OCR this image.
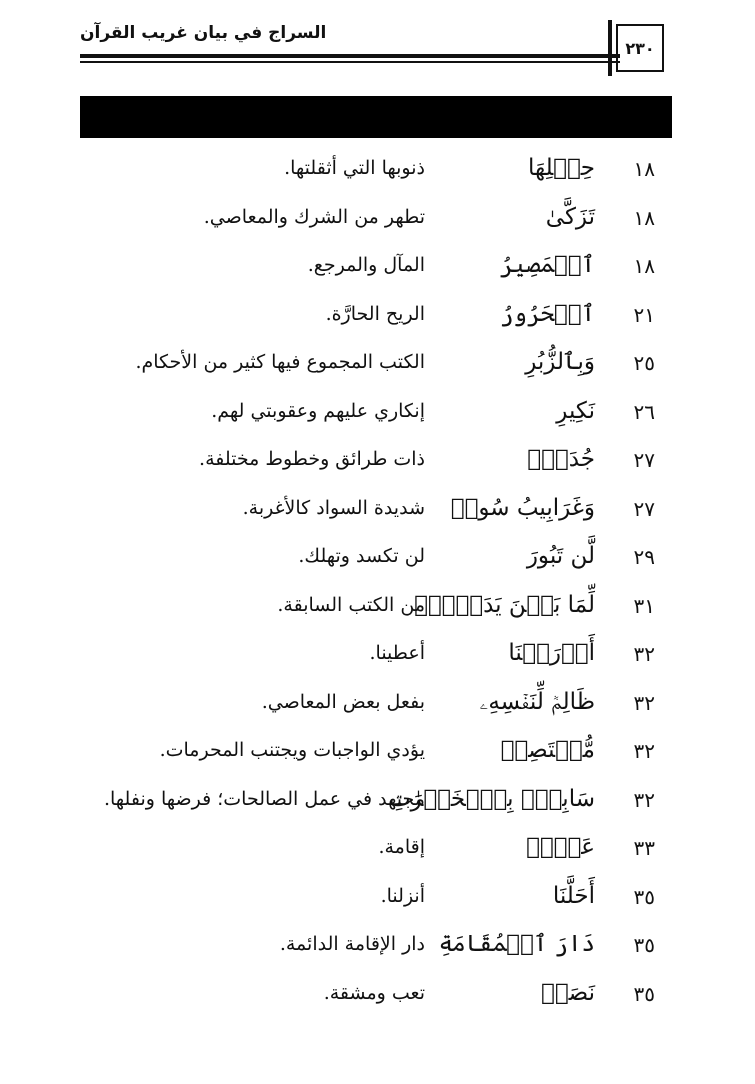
السراج في بيان غريب القرآن
٢٣٠
١٨
حِمۡلِهَا
ذنوبها التي أثقلتها.
١٨
تَزَكَّىٰ
تطهر من الشرك والمعاصي.
١٨
ٱلۡمَصِيرُ
المآل والمرجع.
٢١
ٱلۡحَرُورُ
الريح الحارَّة.
٢٥
وَبِٱلزُّبُرِ
الكتب المجموع فيها كثير من الأحكام.
٢٦
نَكِيرِ
إنكاري عليهم وعقوبتي لهم.
٢٧
جُدَدُۢ
ذات طرائق وخطوط مختلفة.
٢٧
وَغَرَابِيبُ سُودٞ
شديدة السواد كالأغربة.
٢٩
لَّن تَبُورَ
لن تكسد وتهلك.
٣١
لِّمَا بَيۡنَ يَدَيۡهِۗ
من الكتب السابقة.
٣٢
أَوۡرَثۡنَا
أعطينا.
٣٢
ظَالِمٞ لِّنَفۡسِهِۦ
بفعل بعض المعاصي.
٣٢
مُّقۡتَصِدٞ
يؤدي الواجبات ويجتنب المحرمات.
٣٢
سَابِقُۢ بِٱلۡخَيۡرَٰتِ
مجتهد في عمل الصالحات؛ فرضها ونفلها.
٣٣
عَدۡنٖ
إقامة.
٣٥
أَحَلَّنَا
أنزلنا.
٣٥
دَارَ ٱلۡمُقَامَةِ
دار الإقامة الدائمة.
٣٥
نَصَبٞ
تعب ومشقة.
